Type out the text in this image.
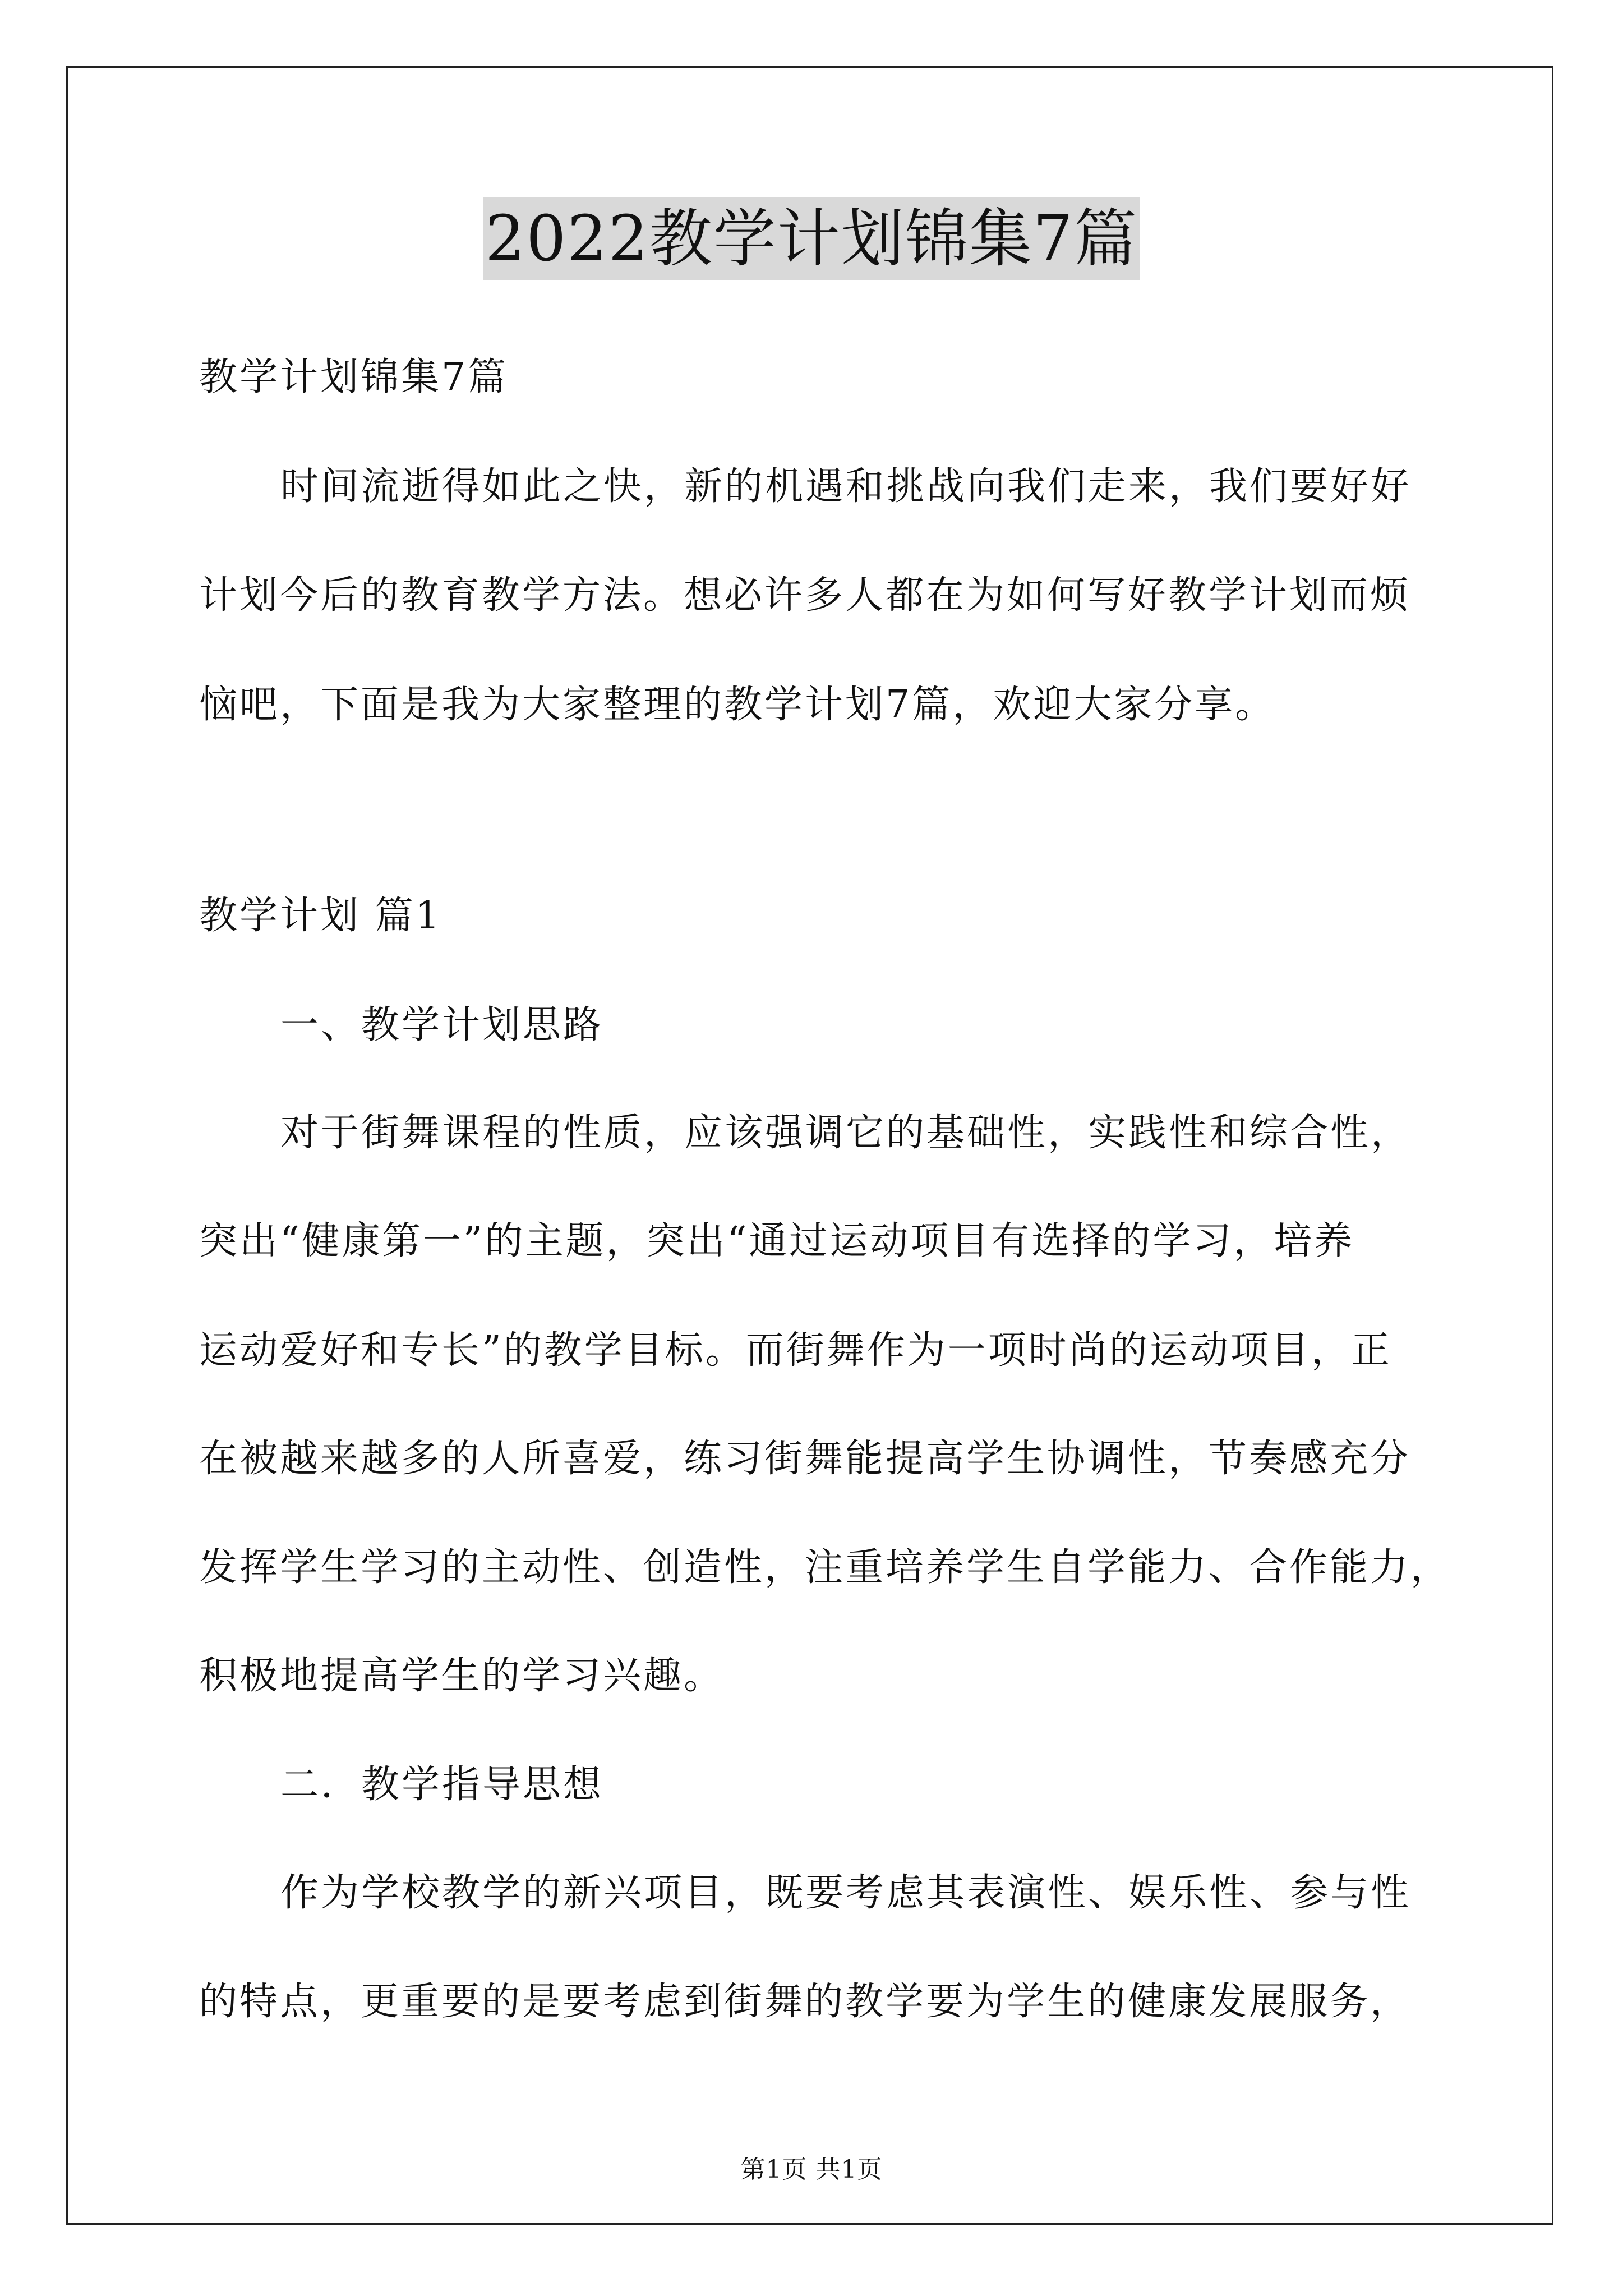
2022教学计划锦集7篇
教学计划锦集7篇
时间流逝得如此之快，新的机遇和挑战向我们走来，我们要好好
计划今后的教育教学方法。想必许多人都在为如何写好教学计划而烦
恼吧，下面是我为大家整理的教学计划7篇，欢迎大家分享。
教学计划 篇1
一、教学计划思路
对于街舞课程的性质，应该强调它的基础性，实践性和综合性，
突出“健康第一”的主题，突出“通过运动项目有选择的学习，培养
运动爱好和专长”的教学目标。而街舞作为一项时尚的运动项目，正
在被越来越多的人所喜爱，练习街舞能提高学生协调性，节奏感充分
发挥学生学习的主动性、创造性，注重培养学生自学能力、合作能力，
积极地提高学生的学习兴趣。
二．教学指导思想
作为学校教学的新兴项目，既要考虑其表演性、娱乐性、参与性
的特点，更重要的是要考虑到街舞的教学要为学生的健康发展服务，
第1页 共1页
